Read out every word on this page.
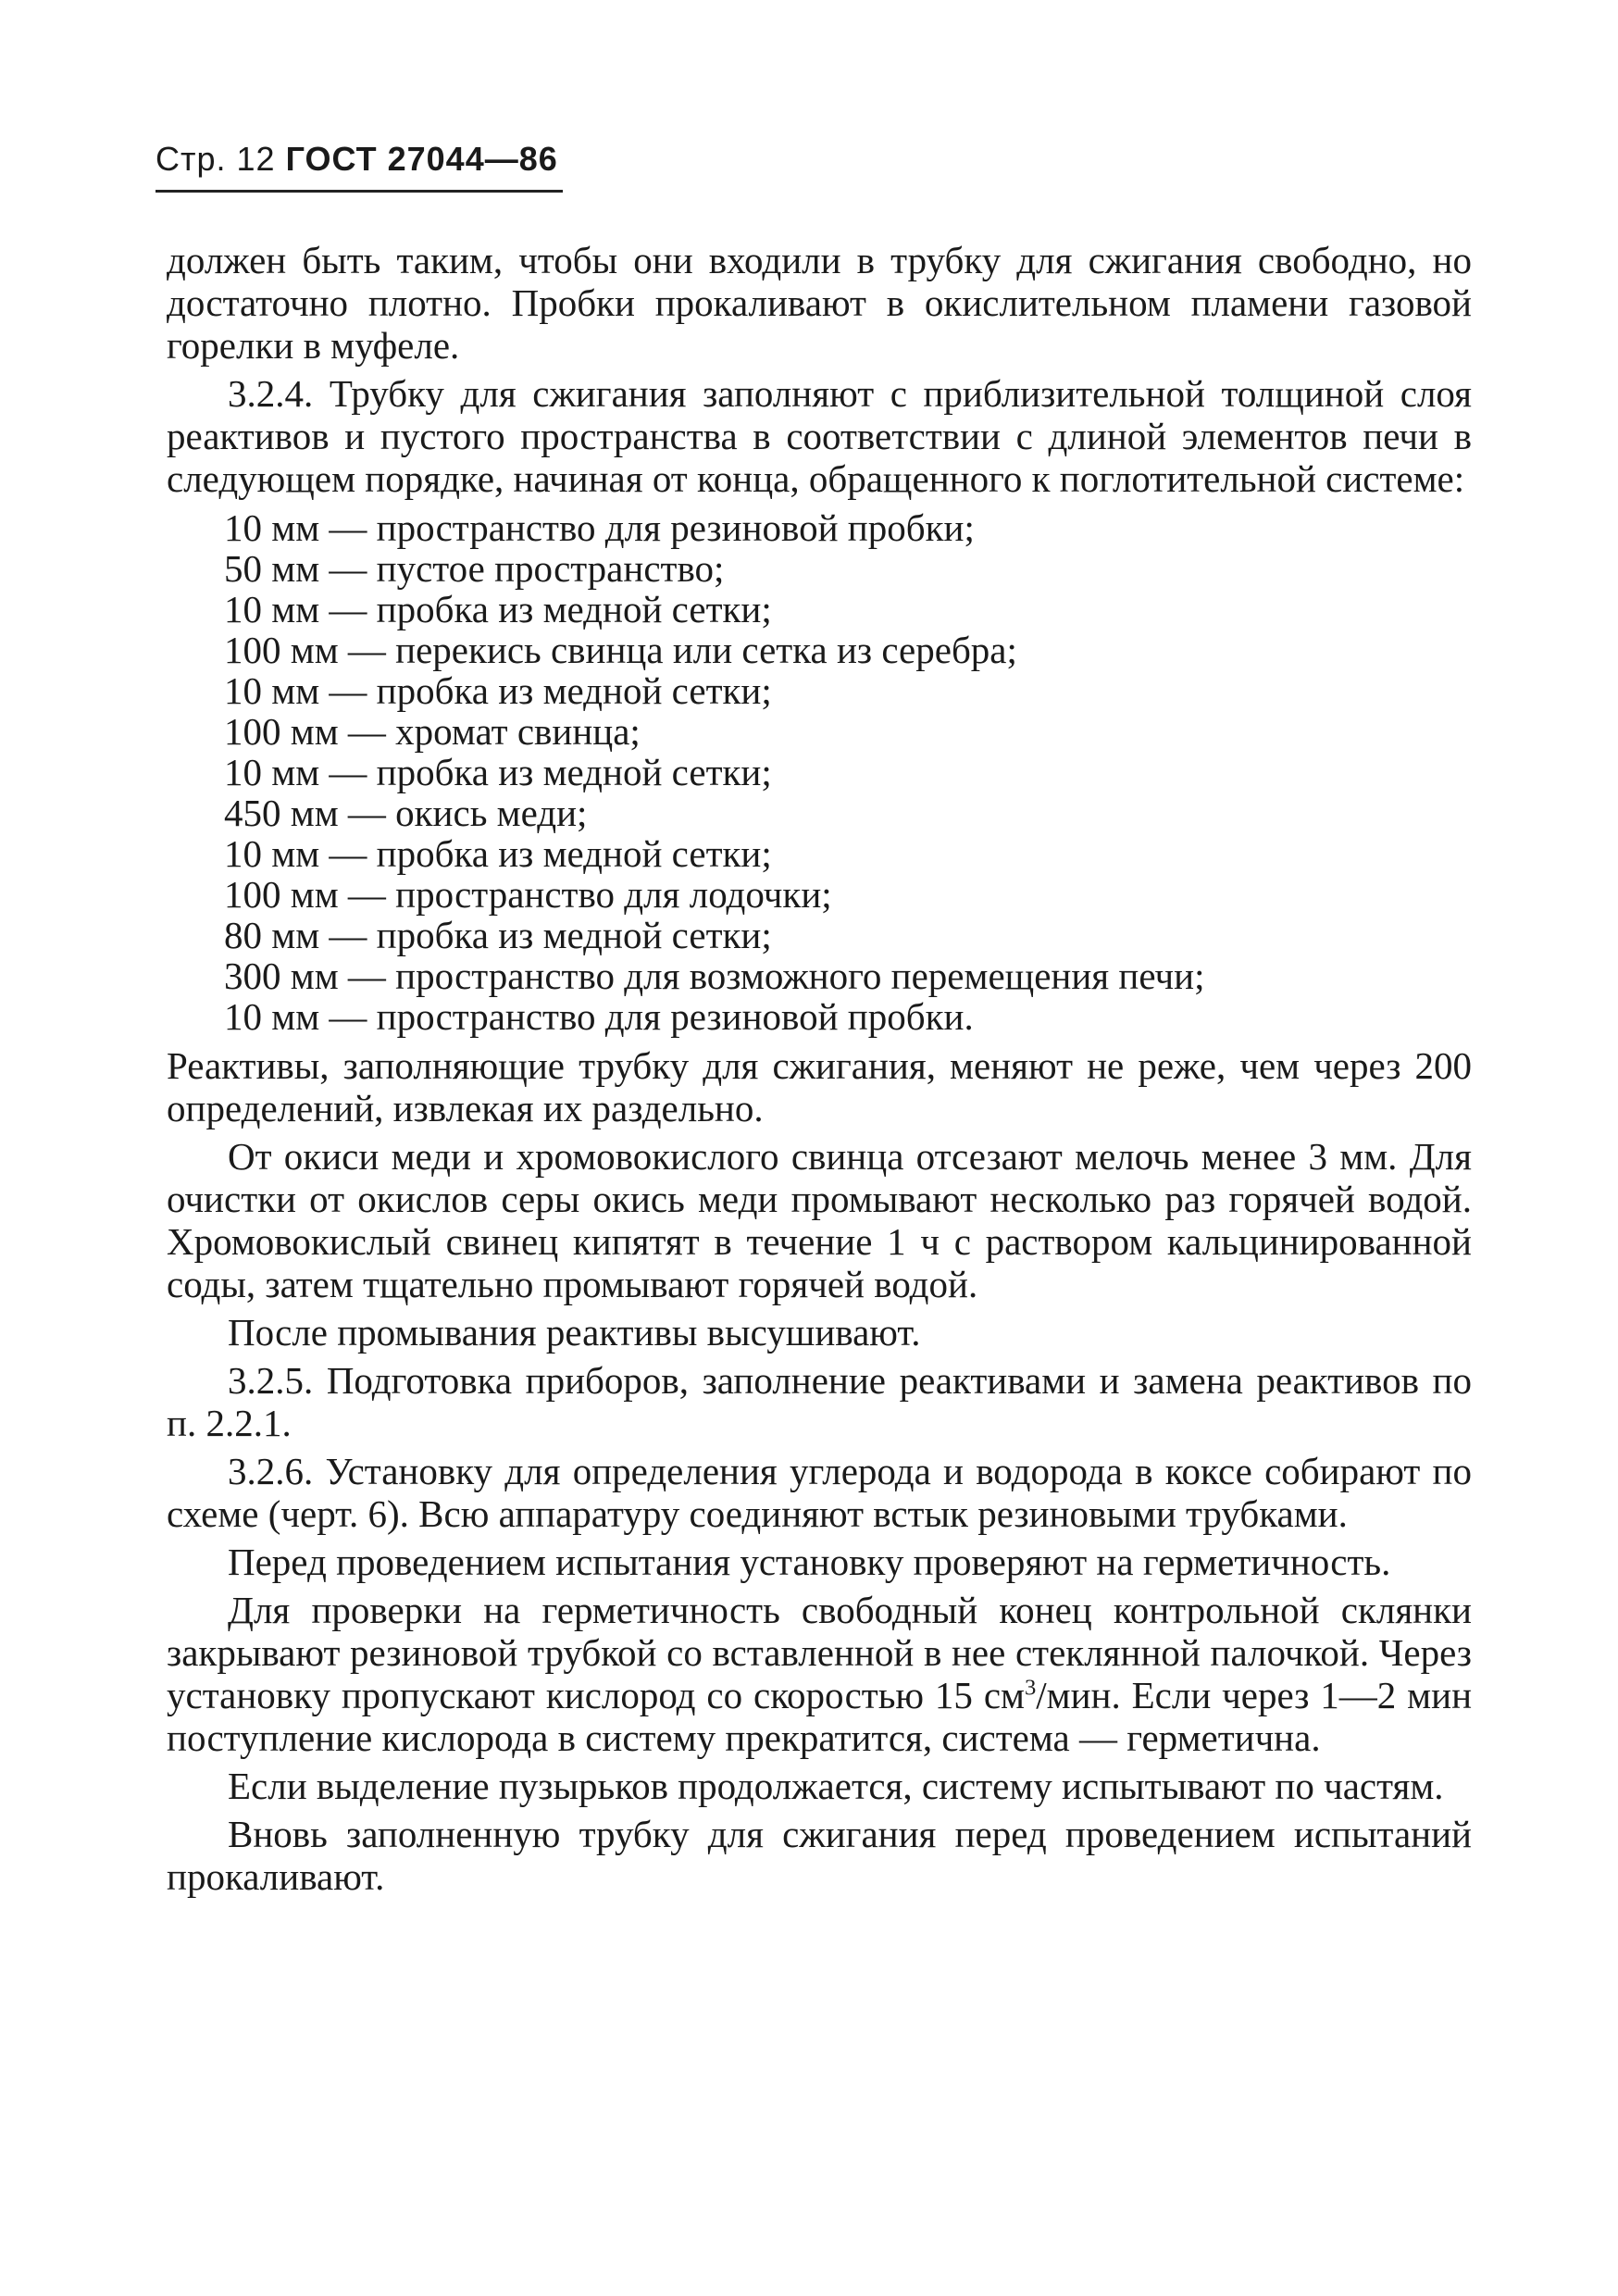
Стр. 12 ГОСТ 27044—86

должен быть таким, чтобы они входили в трубку для сжигания свободно, но достаточно плотно. Пробки прокаливают в окислительном пламени газовой горелки в муфеле.

3.2.4. Трубку для сжигания заполняют с приблизительной толщиной слоя реактивов и пустого пространства в соответствии с длиной элементов печи в следующем порядке, начиная от конца, обращенного к поглотительной системе:

10 мм — пространство для резиновой пробки;
50 мм — пустое пространство;
10 мм — пробка из медной сетки;
100 мм — перекись свинца или сетка из серебра;
10 мм — пробка из медной сетки;
100 мм — хромат свинца;
10 мм — пробка из медной сетки;
450 мм — окись меди;
10 мм — пробка из медной сетки;
100 мм — пространство для лодочки;
80 мм — пробка из медной сетки;
300 мм — пространство для возможного перемещения печи;
10 мм — пространство для резиновой пробки.

Реактивы, заполняющие трубку для сжигания, меняют не реже, чем через 200 определений, извлекая их раздельно.

От окиси меди и хромовокислого свинца отсезают мелочь менее 3 мм. Для очистки от окислов серы окись меди промывают несколько раз горячей водой. Хромовокислый свинец кипятят в течение 1 ч с раствором кальцинированной соды, затем тщательно промывают горячей водой.

После промывания реактивы высушивают.

3.2.5. Подготовка приборов, заполнение реактивами и замена реактивов по п. 2.2.1.

3.2.6. Установку для определения углерода и водорода в коксе собирают по схеме (черт. 6). Всю аппаратуру соединяют встык резиновыми трубками.

Перед проведением испытания установку проверяют на герметичность.

Для проверки на герметичность свободный конец контрольной склянки закрывают резиновой трубкой со вставленной в нее стеклянной палочкой. Через установку пропускают кислород со скоростью 15 $см^3$/мин. Если через 1—2 мин поступление кислорода в систему прекратится, система — герметична.

Если выделение пузырьков продолжается, систему испытывают по частям.

Вновь заполненную трубку для сжигания перед проведением испытаний прокаливают.
